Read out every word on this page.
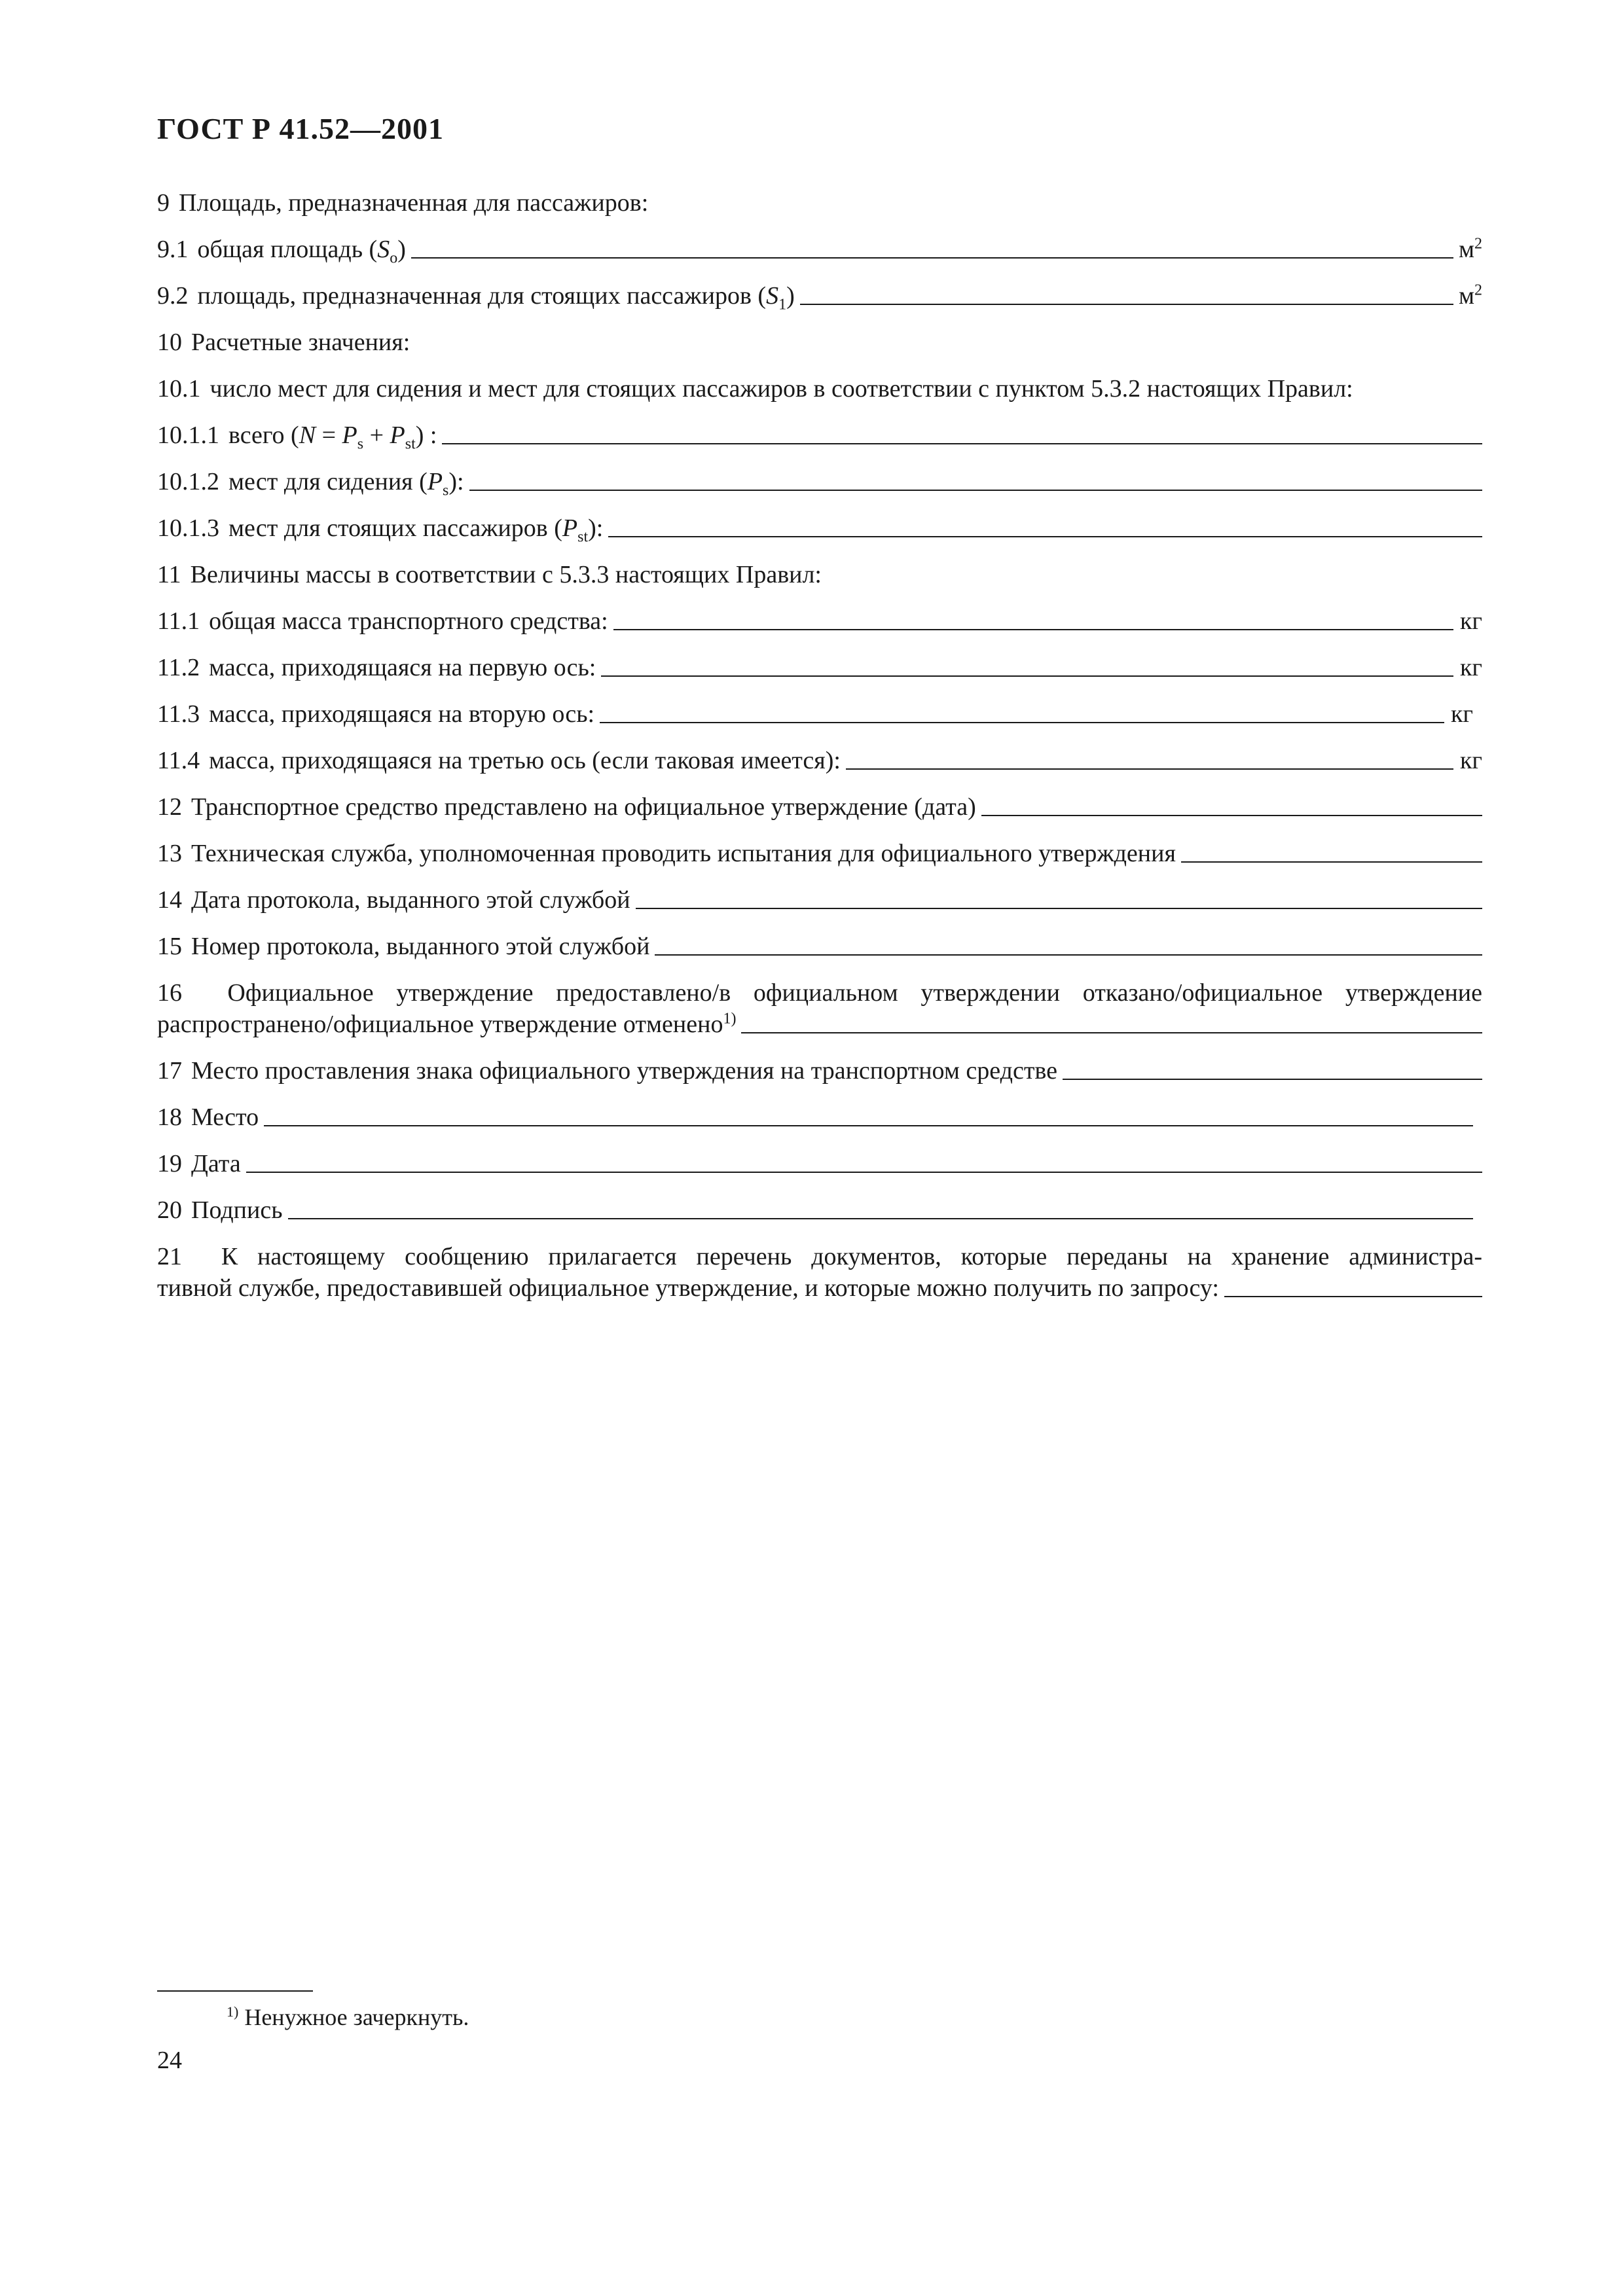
ГОСТ Р 41.52—2001
9 Площадь, предназначенная для пассажиров:
9.1 общая площадь $(S_o)$	$м^2$
9.2 площадь, предназначенная для стоящих пассажиров $(S_1)$	$м^2$
10 Расчетные значения:
10.1 число мест для сидения и мест для стоящих пассажиров в соответствии с пунктом 5.3.2 настоящих Правил:
10.1.1 всего $(N = P_s + P_{st})$ :
10.1.2 мест для сидения $(P_s)$:
10.1.3 мест для стоящих пассажиров $(P_{st})$:
11 Величины массы в соответствии с 5.3.3 настоящих Правил:
11.1 общая масса транспортного средства:	кг
11.2 масса, приходящаяся на первую ось:	кг
11.3 масса, приходящаяся на вторую ось:	кг
11.4 масса, приходящаяся на третью ось (если таковая имеется):	кг
12 Транспортное средство представлено на официальное утверждение (дата)
13 Техническая служба, уполномоченная проводить испытания для официального утверждения
14 Дата протокола, выданного этой службой
15 Номер протокола, выданного этой службой
16 Официальное утверждение предоставлено/в официальном утверждении отказано/официальное утверждение
распространено/официальное утверждение отменено$^{1)}$
17 Место проставления знака официального утверждения на транспортном средстве
18 Место
19 Дата
20 Подпись
21 К настоящему сообщению прилагается перечень документов, которые переданы на хранение администра-
тивной службе, предоставившей официальное утверждение, и которые можно получить по запросу:
$^{1)}$ Ненужное зачеркнуть.
24
